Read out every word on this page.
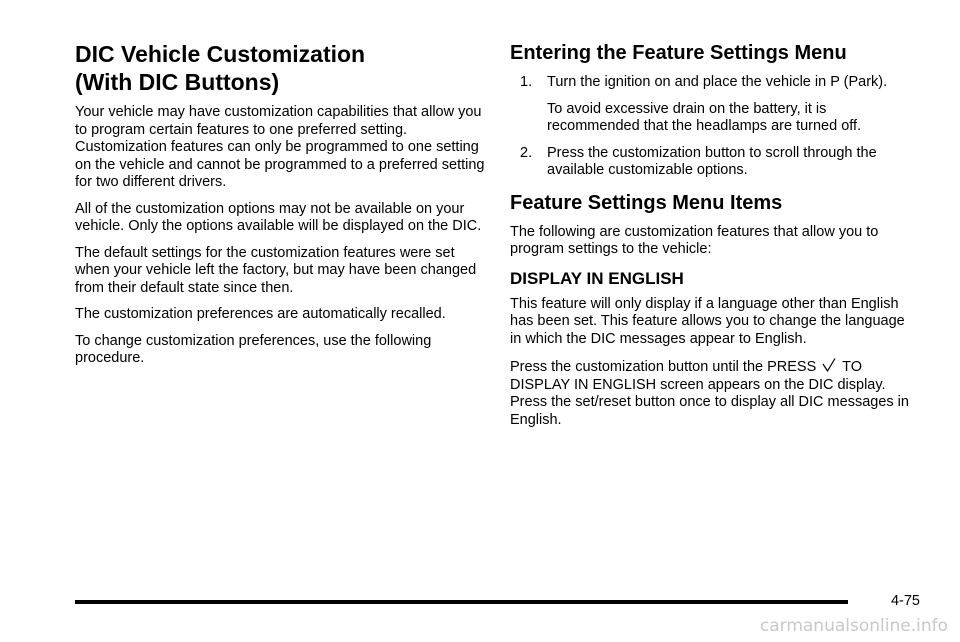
DIC Vehicle Customization
(With DIC Buttons)

Your vehicle may have customization capabilities that allow you to program certain features to one preferred setting. Customization features can only be programmed to one setting on the vehicle and cannot be programmed to a preferred setting for two different drivers.

All of the customization options may not be available on your vehicle. Only the options available will be displayed on the DIC.

The default settings for the customization features were set when your vehicle left the factory, but may have been changed from their default state since then.

The customization preferences are automatically recalled.

To change customization preferences, use the following procedure.

Entering the Feature Settings Menu
1. Turn the ignition on and place the vehicle in P (Park).

To avoid excessive drain on the battery, it is recommended that the headlamps are turned off.

2. Press the customization button to scroll through the available customizable options.

Feature Settings Menu Items

The following are customization features that allow you to program settings to the vehicle:

DISPLAY IN ENGLISH

This feature will only display if a language other than English has been set. This feature allows you to change the language in which the DIC messages appear to English.

Press the customization button until the PRESS TO DISPLAY IN ENGLISH screen appears on the DIC display. Press the set/reset button once to display all DIC messages in English.

4-75
carmanualsonline.info
